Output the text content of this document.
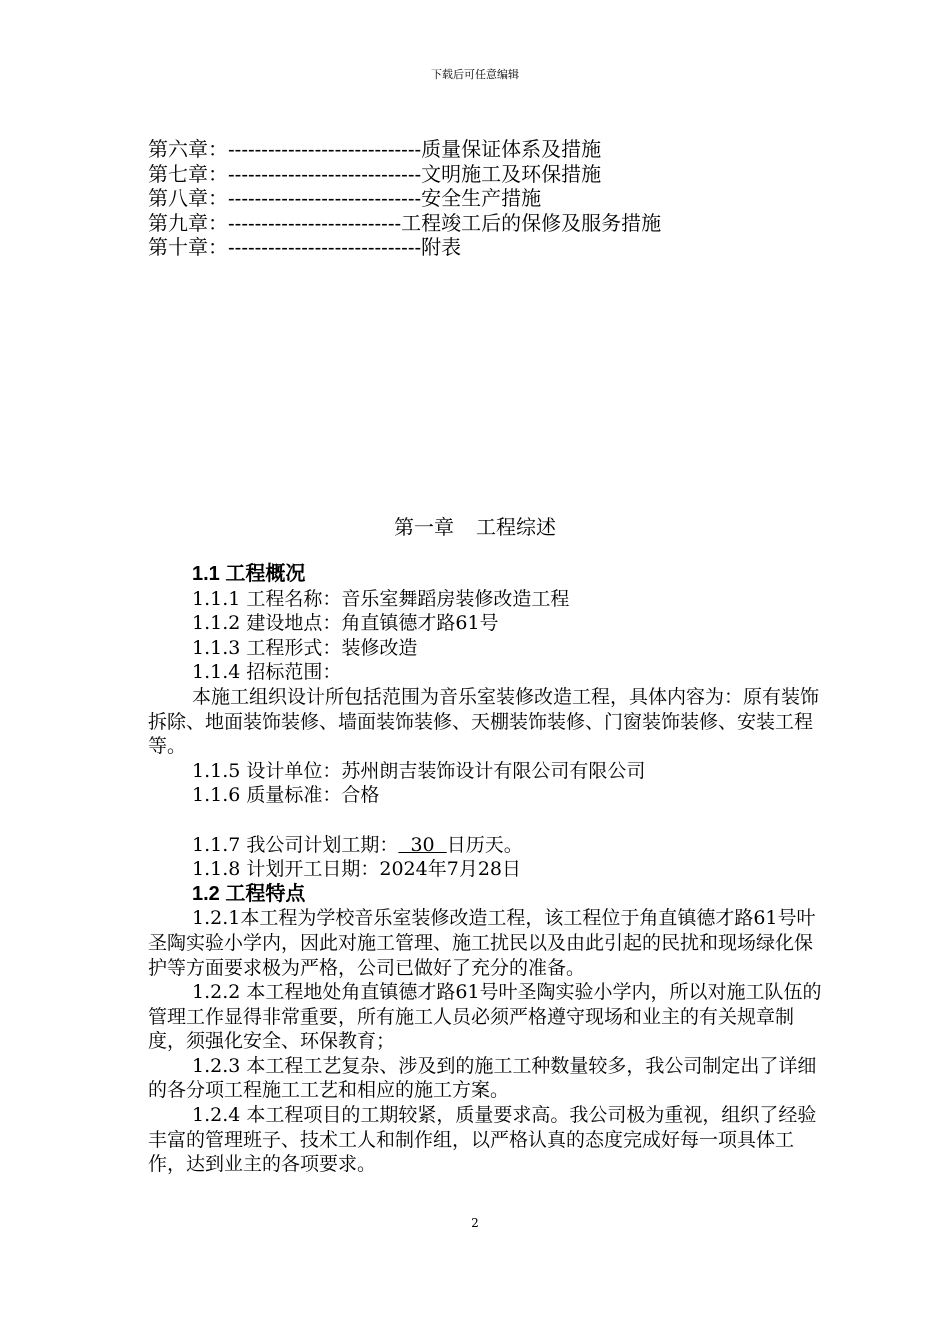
下载后可任意编辑
第六章：-----------------------------质量保证体系及措施
第七章：-----------------------------文明施工及环保措施
第八章：-----------------------------安全生产措施
第九章：--------------------------工程竣工后的保修及服务措施
第十章：-----------------------------附表
第一章 工程综述

1.1 工程概况

1.1.1 工程名称：音乐室舞蹈房装修改造工程

1.1.2 建设地点：角直镇德才路61号

1.1.3 工程形式：装修改造

1.1.4 招标范围：

本施工组织设计所包括范围为音乐室装修改造工程，具体内容为：原有装饰拆除、地面装饰装修、墙面装饰装修、天棚装饰装修、门窗装饰装修、安装工程等。

1.1.5 设计单位：苏州朗吉装饰设计有限公司有限公司

1.1.6 质量标准：合格

1.1.7 我公司计划工期：  30  日历天。

1.1.8 计划开工日期：2024年7月28日

1.2 工程特点

1.2.1本工程为学校音乐室装修改造工程，该工程位于角直镇德才路61号叶圣陶实验小学内，因此对施工管理、施工扰民以及由此引起的民扰和现场绿化保护等方面要求极为严格，公司已做好了充分的准备。

1.2.2 本工程地处角直镇德才路61号叶圣陶实验小学内，所以对施工队伍的管理工作显得非常重要，所有施工人员必须严格遵守现场和业主的有关规章制度，须强化安全、环保教育；

1.2.3 本工程工艺复杂、涉及到的施工工种数量较多，我公司制定出了详细的各分项工程施工工艺和相应的施工方案。

1.2.4 本工程项目的工期较紧，质量要求高。我公司极为重视，组织了经验丰富的管理班子、技术工人和制作组，以严格认真的态度完成好每一项具体工作，达到业主的各项要求。

2
